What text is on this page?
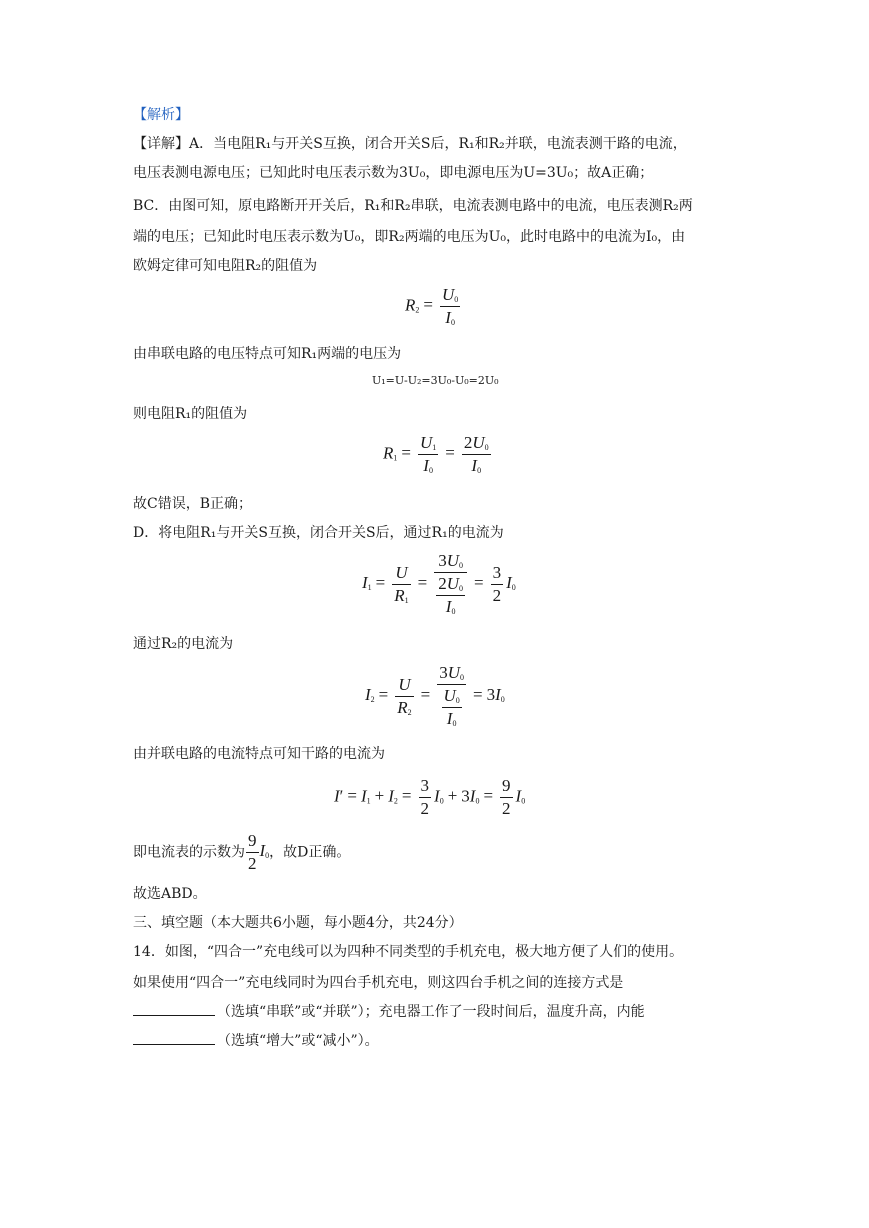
【解析】
【详解】A．当电阻R₁与开关S互换，闭合开关S后，R₁和R₂并联，电流表测干路的电流，
电压表测电源电压；已知此时电压表示数为3U₀，即电源电压为U=3U₀；故A正确；
BC．由图可知，原电路断开开关后，R₁和R₂串联，电流表测电路中的电流，电压表测R₂两
端的电压；已知此时电压表示数为U₀，即R₂两端的电压为U₀，此时电路中的电流为I₀，由
欧姆定律可知电阻R₂的阻值为
$R_2 = \frac{U_0}{I_0}$
由串联电路的电压特点可知R₁两端的电压为
U₁=U-U₂=3U₀-U₀=2U₀
则电阻R₁的阻值为
$R_1 = \frac{U_1}{I_0} = \frac{2U_0}{I_0}$
故C错误，B正确；
D．将电阻R₁与开关S互换，闭合开关S后，通过R₁的电流为
$I_1 = \frac{U}{R_1} = \frac{3U_0}{\frac{2U_0}{I_0}} = \frac{3}{2} I_0$
通过R₂的电流为
$I_2 = \frac{U}{R_2} = \frac{3U_0}{\frac{U_0}{I_0}} = 3I_0$
由并联电路的电流特点可知干路的电流为
$I' = I_1 + I_2 = \frac{3}{2} I_0 + 3I_0 = \frac{9}{2} I_0$
即电流表的示数为 $\frac{9}{2} I_0$，故D正确。
故选ABD。
三、填空题（本大题共6小题，每小题4分，共24分）
14．如图，“四合一”充电线可以为四种不同类型的手机充电，极大地方便了人们的使用。
如果使用“四合一”充电线同时为四台手机充电，则这四台手机之间的连接方式是
（选填“串联”或“并联”）；充电器工作了一段时间后，温度升高，内能
（选填“增大”或“减小”）。
